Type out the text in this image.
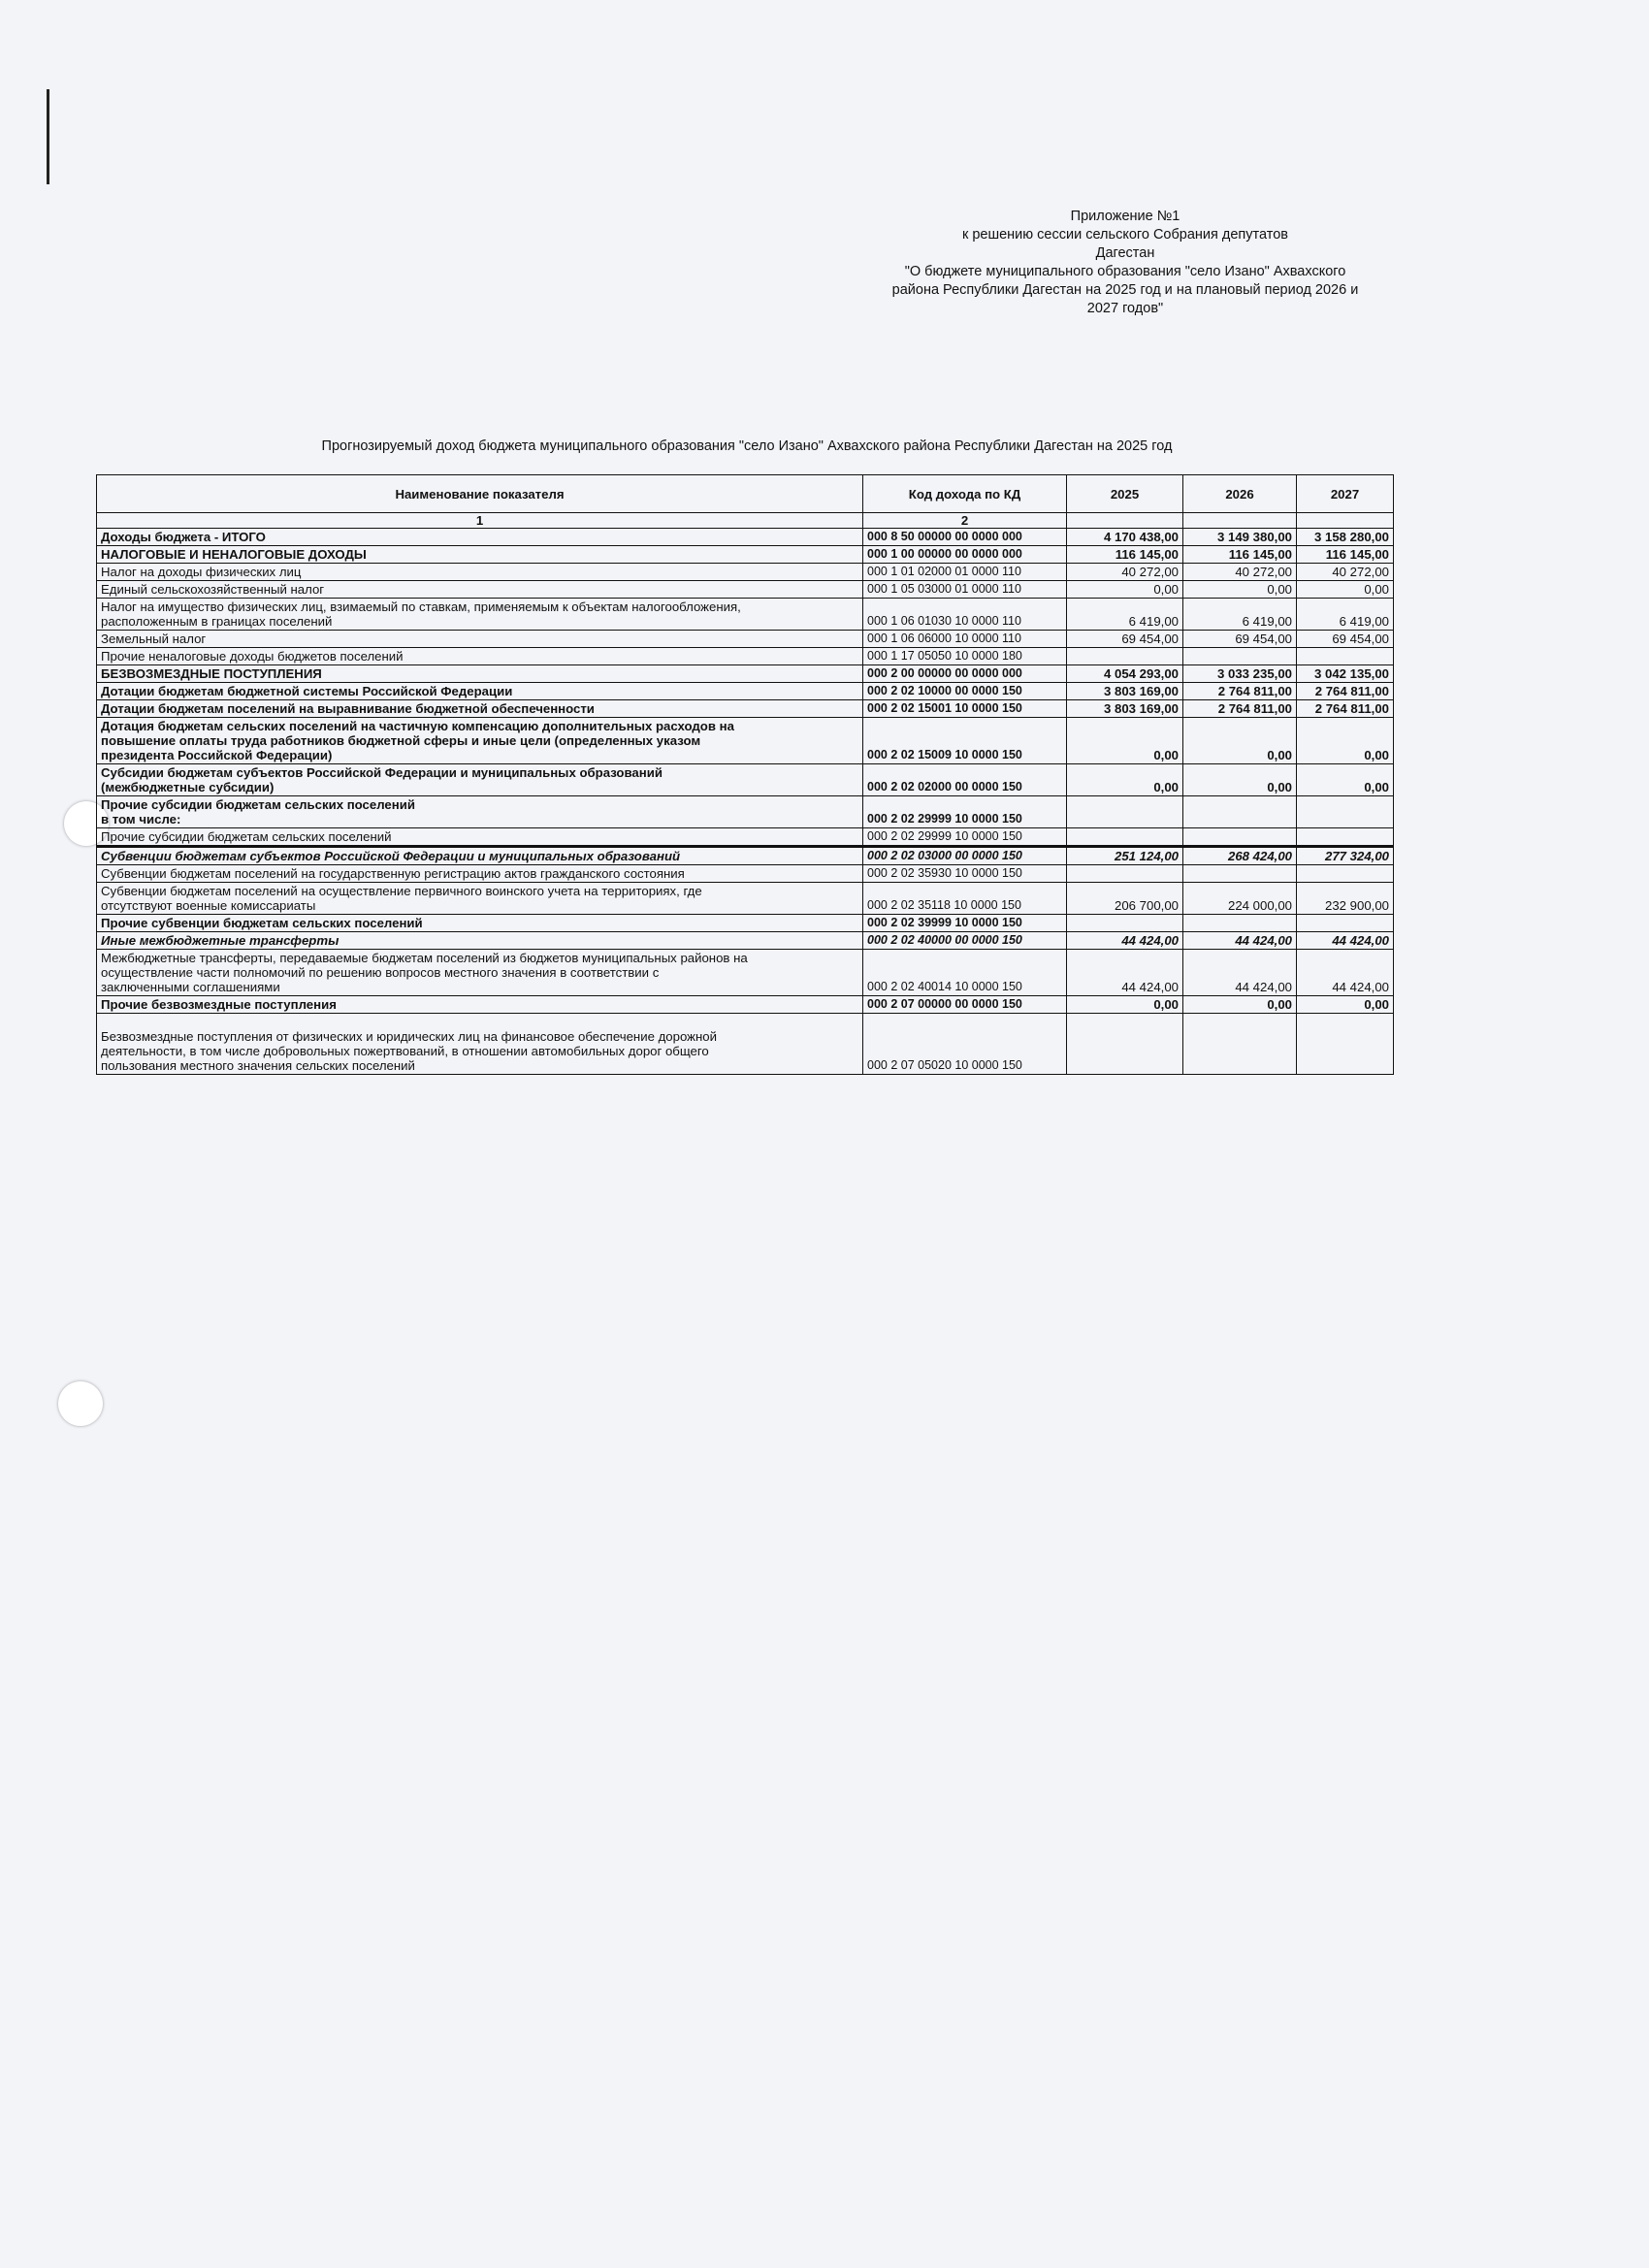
Приложение №1
к решению сессии сельского Собрания депутатов
Дагестан
"О бюджете муниципального образования "село Изано" Ахвахского
района Республики Дагестан на 2025 год и на плановый период 2026 и
2027 годов"
Прогнозируемый доход бюджета муниципального образования "село Изано" Ахвахского района Республики Дагестан на 2025 год
Наименование показателя	Код дохода по КД	2025	2026	2027
1	2			
Доходы бюджета - ИТОГО	000 8 50 00000 00 0000 000	4 170 438,00	3 149 380,00	3 158 280,00
НАЛОГОВЫЕ И НЕНАЛОГОВЫЕ ДОХОДЫ	000 1 00 00000 00 0000 000	116 145,00	116 145,00	116 145,00
Налог на доходы физических лиц	000 1 01 02000 01 0000 110	40 272,00	40 272,00	40 272,00
Единый сельскохозяйственный налог	000 1 05 03000 01 0000 110	0,00	0,00	0,00
Налог на имущество физических лиц, взимаемый по ставкам, применяемым к объектам налогообложения,
расположенным в границах поселений	000 1 06 01030 10 0000 110	6 419,00	6 419,00	6 419,00
Земельный налог	000 1 06 06000 10 0000 110	69 454,00	69 454,00	69 454,00
Прочие неналоговые доходы бюджетов поселений	000 1 17 05050 10 0000 180			
БЕЗВОЗМЕЗДНЫЕ ПОСТУПЛЕНИЯ	000 2 00 00000 00 0000 000	4 054 293,00	3 033 235,00	3 042 135,00
Дотации бюджетам бюджетной системы Российской Федерации	000 2 02 10000 00 0000 150	3 803 169,00	2 764 811,00	2 764 811,00
Дотации бюджетам поселений на выравнивание бюджетной обеспеченности	000 2 02 15001 10 0000 150	3 803 169,00	2 764 811,00	2 764 811,00
Дотация бюджетам сельских поселений на частичную компенсацию дополнительных расходов на
повышение оплаты труда работников бюджетной сферы и иные цели (определенных указом
президента Российской Федерации)	000 2 02 15009 10 0000 150	0,00	0,00	0,00
Субсидии бюджетам субъектов Российской Федерации и муниципальных образований
(межбюджетные субсидии)	000 2 02 02000 00 0000 150	0,00	0,00	0,00
Прочие субсидии бюджетам сельских поселений
в том числе:	000 2 02 29999 10 0000 150			
Прочие субсидии бюджетам сельских поселений	000 2 02 29999 10 0000 150			
Субвенции бюджетам субъектов Российской Федерации и муниципальных образований	000 2 02 03000 00 0000 150	251 124,00	268 424,00	277 324,00
Субвенции бюджетам поселений на государственную регистрацию актов гражданского состояния	000 2 02 35930 10 0000 150			
Субвенции бюджетам поселений на осуществление первичного воинского учета на территориях, где
отсутствуют военные комиссариаты	000 2 02 35118 10 0000 150	206 700,00	224 000,00	232 900,00
Прочие субвенции бюджетам сельских поселений	000 2 02 39999 10 0000 150			
Иные межбюджетные трансферты	000 2 02 40000 00 0000 150	44 424,00	44 424,00	44 424,00
Межбюджетные трансферты, передаваемые бюджетам поселений из бюджетов муниципальных районов на
осуществление части полномочий по решению вопросов местного значения в соответствии с
заключенными соглашениями	000 2 02 40014 10 0000 150	44 424,00	44 424,00	44 424,00
Прочие безвозмездные поступления	000 2 07 00000 00 0000 150	0,00	0,00	0,00

Безвозмездные поступления от физических и юридических лиц на финансовое обеспечение дорожной
деятельности, в том числе добровольных пожертвований, в отношении автомобильных дорог общего
пользования местного значения сельских поселений	000 2 07 05020 10 0000 150			
